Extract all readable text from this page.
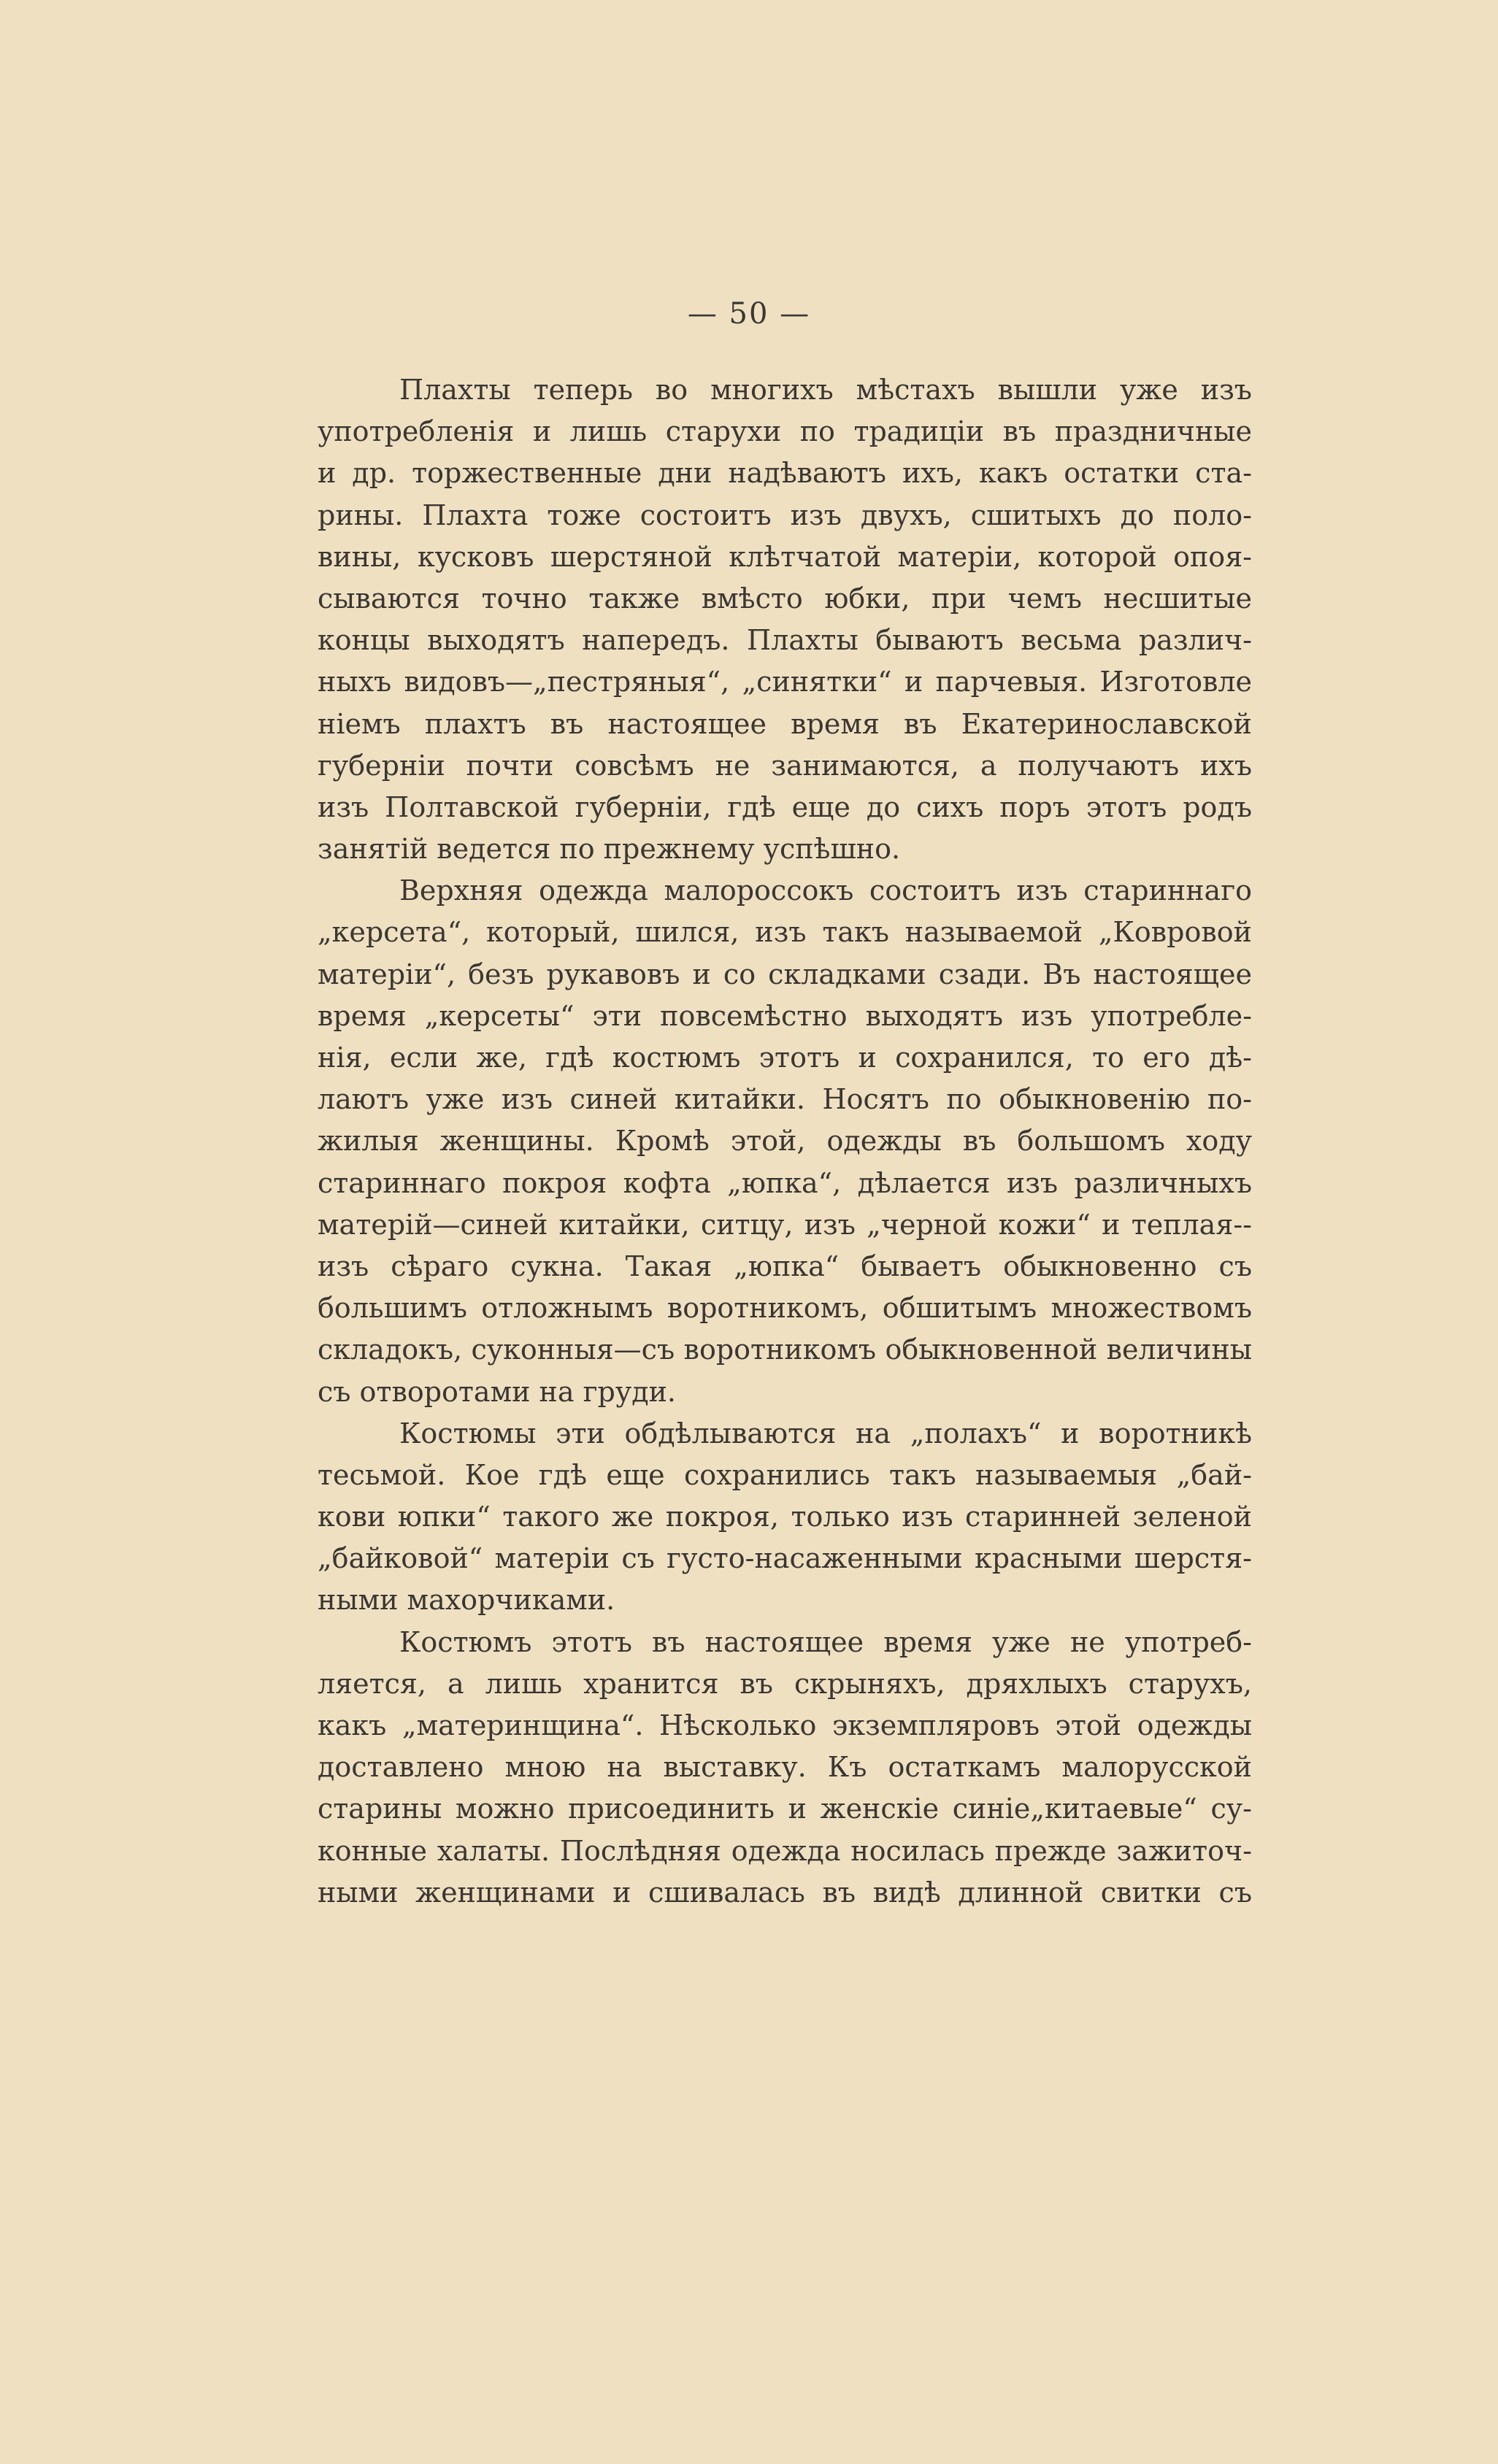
— 50 —
Плахты теперь во многихъ мѣстахъ вышли уже изъ
употребленія и лишь старухи по традиціи въ праздничные
и др. торжественные дни надѣваютъ ихъ, какъ остатки ста-
рины. Плахта тоже состоитъ изъ двухъ, сшитыхъ до поло-
вины, кусковъ шерстяной клѣтчатой матеріи, которой опоя-
сываются точно также вмѣсто юбки, при чемъ несшитые
концы выходятъ напередъ. Плахты бываютъ весьма различ-
ныхъ видовъ—„пестряныя“, „синятки“ и парчевыя. Изготовле
ніемъ плахтъ въ настоящее время въ Екатеринославской
губерніи почти совсѣмъ не занимаются, а получаютъ ихъ
изъ Полтавской губерніи, гдѣ еще до сихъ поръ этотъ родъ
занятій ведется по прежнему успѣшно.
Верхняя одежда малороссокъ состоитъ изъ стариннаго
„керсета“, который, шился, изъ такъ называемой „Ковровой
матеріи“, безъ рукавовъ и со складками сзади. Въ настоящее
время „керсеты“ эти повсемѣстно выходятъ изъ употребле-
нія, если же, гдѣ костюмъ этотъ и сохранился, то его дѣ-
лаютъ уже изъ синей китайки. Носятъ по обыкновенію по-
жилыя женщины. Кромѣ этой, одежды въ большомъ ходу
стариннаго покроя кофта „юпка“, дѣлается изъ различныхъ
матерій—синей китайки, ситцу, изъ „черной кожи“ и теплая--
изъ сѣраго сукна. Такая „юпка“ бываетъ обыкновенно съ
большимъ отложнымъ воротникомъ, обшитымъ множествомъ
складокъ, суконныя—съ воротникомъ обыкновенной величины
съ отворотами на груди.
Костюмы эти обдѣлываются на „полахъ“ и воротникѣ
тесьмой. Кое гдѣ еще сохранились такъ называемыя „бай-
кови юпки“ такого же покроя, только изъ старинней зеленой
„байковой“ матеріи съ густо-насаженными красными шерстя-
ными махорчиками.
Костюмъ этотъ въ настоящее время уже не употреб-
ляется, а лишь хранится въ скрыняхъ, дряхлыхъ старухъ,
какъ „материнщина“. Нѣсколько экземпляровъ этой одежды
доставлено мною на выставку. Къ остаткамъ малорусской
старины можно присоединить и женскіе синіе„китаевые“ су-
конные халаты. Послѣдняя одежда носилась прежде зажиточ-
ными женщинами и сшивалась въ видѣ длинной свитки съ
